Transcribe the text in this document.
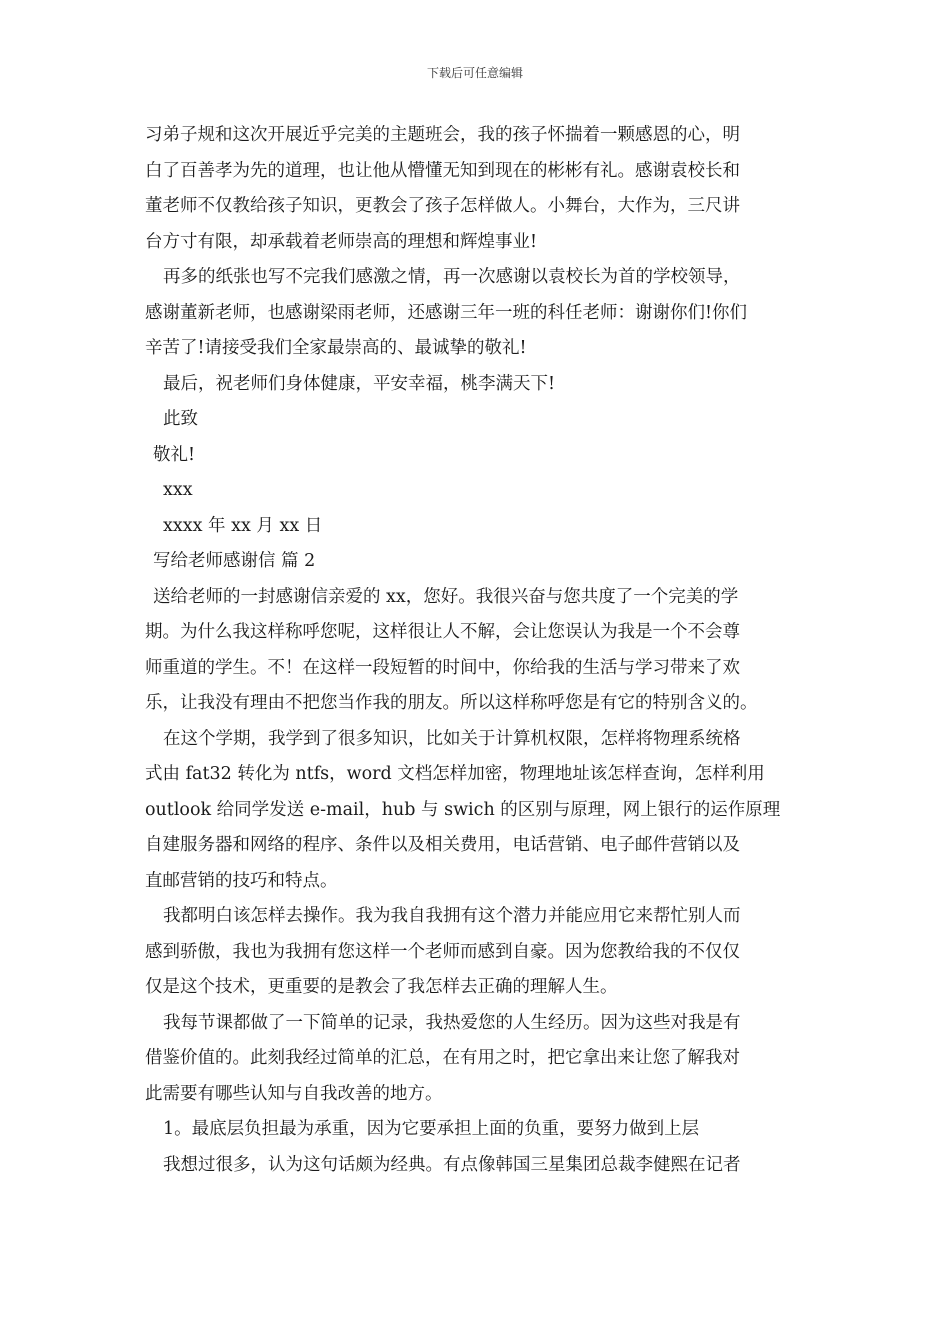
下载后可任意编辑
习弟子规和这次开展近乎完美的主题班会，我的孩子怀揣着一颗感恩的心，明
白了百善孝为先的道理，也让他从懵懂无知到现在的彬彬有礼。感谢袁校长和
董老师不仅教给孩子知识，更教会了孩子怎样做人。小舞台，大作为，三尺讲
台方寸有限，却承载着老师崇高的理想和辉煌事业!
再多的纸张也写不完我们感激之情，再一次感谢以袁校长为首的学校领导，
感谢董新老师，也感谢梁雨老师，还感谢三年一班的科任老师：谢谢你们!你们
辛苦了!请接受我们全家最崇高的、最诚挚的敬礼!
最后，祝老师们身体健康，平安幸福，桃李满天下!
此致
敬礼!
xxx
xxxx 年 xx 月 xx 日
写给老师感谢信 篇 2
送给老师的一封感谢信亲爱的 xx，您好。我很兴奋与您共度了一个完美的学
期。为什么我这样称呼您呢，这样很让人不解，会让您误认为我是一个不会尊
师重道的学生。不！在这样一段短暂的时间中，你给我的生活与学习带来了欢
乐，让我没有理由不把您当作我的朋友。所以这样称呼您是有它的特别含义的。
在这个学期，我学到了很多知识，比如关于计算机权限，怎样将物理系统格
式由 fat32 转化为 ntfs，word 文档怎样加密，物理地址该怎样查询，怎样利用
outlook 给同学发送 e-mail，hub 与 swich 的区别与原理，网上银行的运作原理
自建服务器和网络的程序、条件以及相关费用，电话营销、电子邮件营销以及
直邮营销的技巧和特点。
我都明白该怎样去操作。我为我自我拥有这个潜力并能应用它来帮忙别人而
感到骄傲，我也为我拥有您这样一个老师而感到自豪。因为您教给我的不仅仅
仅是这个技术，更重要的是教会了我怎样去正确的理解人生。
我每节课都做了一下简单的记录，我热爱您的人生经历。因为这些对我是有
借鉴价值的。此刻我经过简单的汇总，在有用之时，把它拿出来让您了解我对
此需要有哪些认知与自我改善的地方。
1。最底层负担最为承重，因为它要承担上面的负重，要努力做到上层
我想过很多，认为这句话颇为经典。有点像韩国三星集团总裁李健熙在记者
